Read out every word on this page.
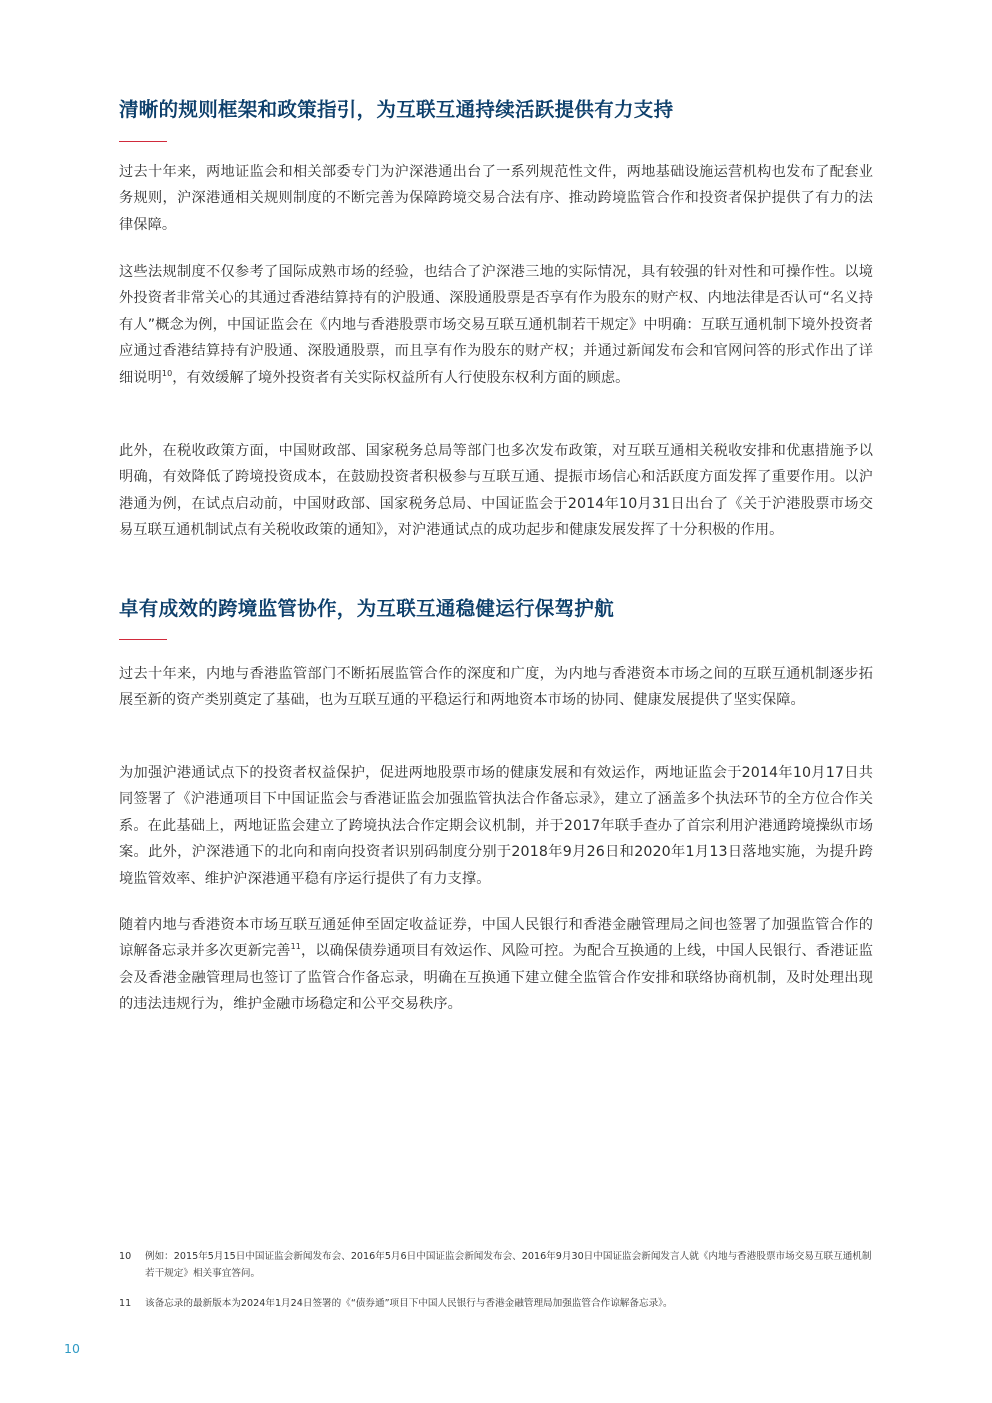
清晰的规则框架和政策指引，为互联互通持续活跃提供有力支持

过去十年来，两地证监会和相关部委专门为沪深港通出台了一系列规范性文件，两地基础设施运营机构也发布了配套业务规则，沪深港通相关规则制度的不断完善为保障跨境交易合法有序、推动跨境监管合作和投资者保护提供了有力的法律保障。

这些法规制度不仅参考了国际成熟市场的经验，也结合了沪深港三地的实际情况，具有较强的针对性和可操作性。以境外投资者非常关心的其通过香港结算持有的沪股通、深股通股票是否享有作为股东的财产权、内地法律是否认可“名义持有人”概念为例，中国证监会在《内地与香港股票市场交易互联互通机制若干规定》中明确：互联互通机制下境外投资者应通过香港结算持有沪股通、深股通股票，而且享有作为股东的财产权；并通过新闻发布会和官网问答的形式作出了详细说明$^{10}$，有效缓解了境外投资者有关实际权益所有人行使股东权利方面的顾虑。

此外，在税收政策方面，中国财政部、国家税务总局等部门也多次发布政策，对互联互通相关税收安排和优惠措施予以明确，有效降低了跨境投资成本，在鼓励投资者积极参与互联互通、提振市场信心和活跃度方面发挥了重要作用。以沪港通为例，在试点启动前，中国财政部、国家税务总局、中国证监会于2014年10月31日出台了《关于沪港股票市场交易互联互通机制试点有关税收政策的通知》，对沪港通试点的成功起步和健康发展发挥了十分积极的作用。

卓有成效的跨境监管协作，为互联互通稳健运行保驾护航

过去十年来，内地与香港监管部门不断拓展监管合作的深度和广度，为内地与香港资本市场之间的互联互通机制逐步拓展至新的资产类别奠定了基础，也为互联互通的平稳运行和两地资本市场的协同、健康发展提供了坚实保障。

为加强沪港通试点下的投资者权益保护，促进两地股票市场的健康发展和有效运作，两地证监会于2014年10月17日共同签署了《沪港通项目下中国证监会与香港证监会加强监管执法合作备忘录》，建立了涵盖多个执法环节的全方位合作关系。在此基础上，两地证监会建立了跨境执法合作定期会议机制，并于2017年联手查办了首宗利用沪港通跨境操纵市场案。此外，沪深港通下的北向和南向投资者识别码制度分别于2018年9月26日和2020年1月13日落地实施，为提升跨境监管效率、维护沪深港通平稳有序运行提供了有力支撑。

随着内地与香港资本市场互联互通延伸至固定收益证券，中国人民银行和香港金融管理局之间也签署了加强监管合作的谅解备忘录并多次更新完善$^{11}$，以确保债券通项目有效运作、风险可控。为配合互换通的上线，中国人民银行、香港证监会及香港金融管理局也签订了监管合作备忘录，明确在互换通下建立健全监管合作安排和联络协商机制，及时处理出现的违法违规行为，维护金融市场稳定和公平交易秩序。

10 例如：2015年5月15日中国证监会新闻发布会、2016年5月6日中国证监会新闻发布会、2016年9月30日中国证监会新闻发言人就《内地与香港股票市场交易互联互通机制若干规定》相关事宜答问。
11 该备忘录的最新版本为2024年1月24日签署的《“债券通”项目下中国人民银行与香港金融管理局加强监管合作谅解备忘录》。
10
